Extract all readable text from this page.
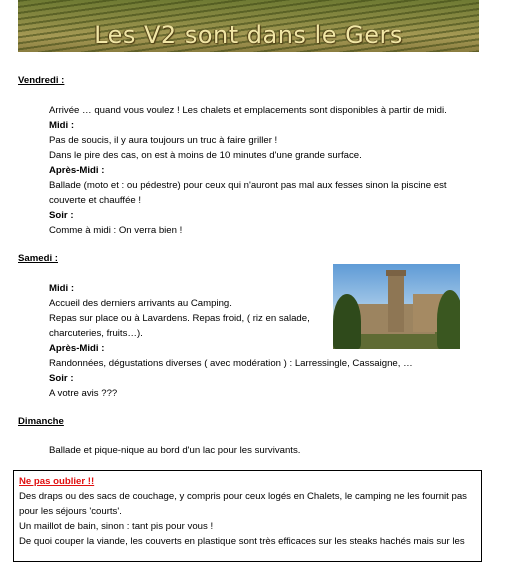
Les V2 sont dans le Gers
Vendredi :
Arrivée … quand vous voulez ! Les chalets et emplacements sont disponibles à partir de midi.
Midi :
Pas de soucis, il y aura toujours un truc à faire griller !
Dans le pire des cas, on est à moins de 10 minutes d'une grande surface.
Après-Midi :
Ballade (moto et : ou pédestre) pour ceux qui n'auront pas mal aux fesses sinon la piscine est
couverte et chauffée !
Soir :
Comme à midi : On verra bien !
Samedi :
Midi :
Accueil des derniers arrivants au Camping.
Repas sur place ou à Lavardens. Repas froid, ( riz en salade,
charcuteries, fruits…).
Après-Midi :
Randonnées, dégustations diverses ( avec modération ) : Larressingle, Cassaigne, …
Soir :
A votre avis ???
Dimanche
Ballade et pique-nique au bord d'un lac pour les survivants.
Ne pas oublier !!
Des draps ou des sacs de couchage, y compris pour ceux logés en Chalets, le camping ne les fournit pas
pour les séjours 'courts'.
Un maillot de bain, sinon : tant pis pour vous !
De quoi couper la viande, les couverts en plastique sont très efficaces sur les steaks hachés mais sur les
